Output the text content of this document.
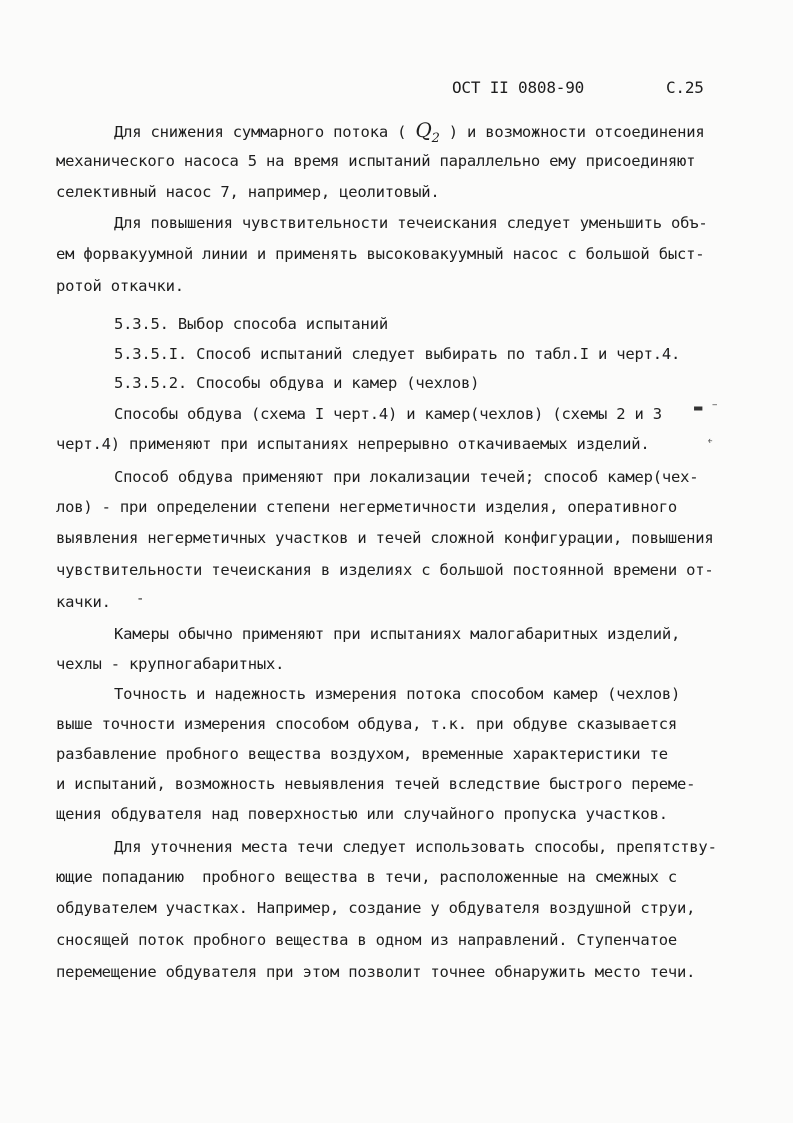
ОСТ II 0808-90	С.25
Для снижения суммарного потока ( $Q_2$ ) и возможности отсоединения
механического насоса 5 на время испытаний параллельно ему присоединяют
селективный насос 7, например, цеолитовый.
Для повышения чувствительности течеискания следует уменьшить объ-
ем форвакуумной линии и применять высоковакуумный насос с большой быст-
ротой откачки.
5.3.5. Выбор способа испытаний
5.3.5.I. Способ испытаний следует выбирать по табл.I и черт.4.
5.3.5.2. Способы обдува и камер (чехлов)
Способы обдува (схема I черт.4) и камер(чехлов) (схемы 2 и 3
черт.4) применяют при испытаниях непрерывно откачиваемых изделий.
Способ обдува применяют при локализации течей; способ камер(чех-
лов) - при определении степени негерметичности изделия, оперативного
выявления негерметичных участков и течей сложной конфигурации, повышения
чувствительности течеискания в изделиях с большой постоянной времени от-
качки.
Камеры обычно применяют при испытаниях малогабаритных изделий,
чехлы - крупногабаритных.
Точность и надежность измерения потока способом камер (чехлов)
выше точности измерения способом обдува, т.к. при обдуве сказывается
разбавление пробного вещества воздухом, временные характеристики те
и испытаний, возможность невыявления течей вследствие быстрого переме-
щения обдувателя над поверхностью или случайного пропуска участков.
Для уточнения места течи следует использовать способы, препятству-
ющие попаданию  пробного вещества в течи, расположенные на смежных с
обдувателем участках. Например, создание у обдувателя воздушной струи,
сносящей поток пробного вещества в одном из направлений. Ступенчатое
перемещение обдувателя при этом позволит точнее обнаружить место течи.
▬ ⁻
˿
-
